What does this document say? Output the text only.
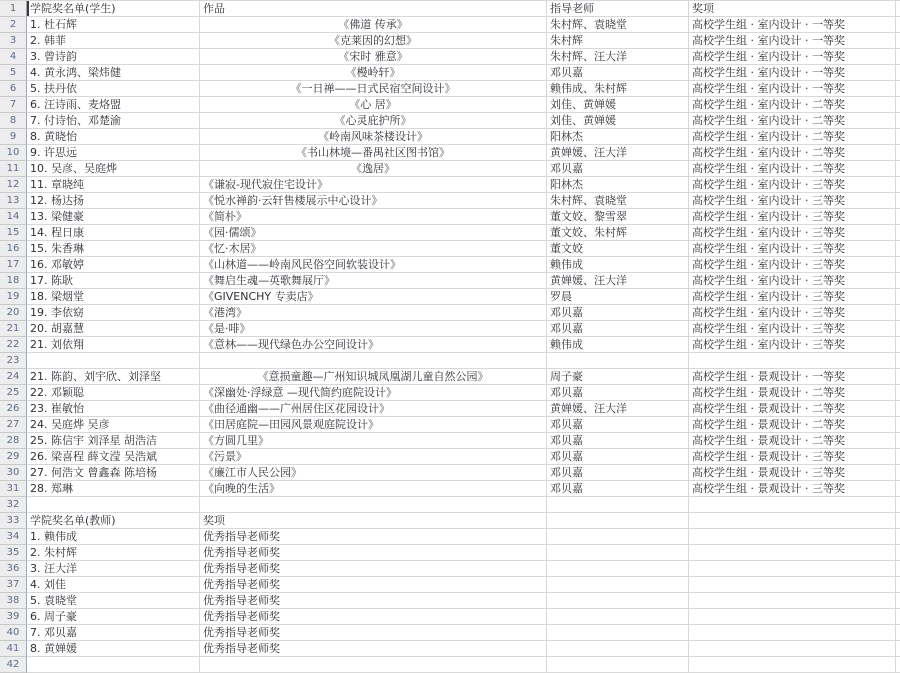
1	学院奖名单(学生)	作品	指导老师	奖项
2	1. 杜石辉	《佛道 传承》	朱村辉、袁晓堂	高校学生组 · 室内设计 · 一等奖
3	2. 韩菲	《克莱因的幻想》	朱村辉	高校学生组 · 室内设计 · 一等奖
4	3. 曾诗韵	《宋时 雅意》	朱村辉、汪大洋	高校学生组 · 室内设计 · 一等奖
5	4. 黄永鸿、梁炜健	《槾岭轩》	邓贝嘉	高校学生组 · 室内设计 · 一等奖
6	5. 扶丹依	《一日禅——日式民宿空间设计》	赖伟成、朱村辉	高校学生组 · 室内设计 · 一等奖
7	6. 汪诗雨、麦烙盟	《心 居》	刘佳、黄婵媛	高校学生组 · 室内设计 · 二等奖
8	7. 付诗怡、邓楚渝	《心灵庇护所》	刘佳、黄婵媛	高校学生组 · 室内设计 · 二等奖
9	8. 黄晓怡	《岭南风味茶楼设计》	阳林杰	高校学生组 · 室内设计 · 二等奖
10 9. 许思远	《书山林境—番禺社区图书馆》	黄婵媛、汪大洋	高校学生组 · 室内设计 · 二等奖
11 10. 吴彦、吴庭烨	《逸居》	邓贝嘉	高校学生组 · 室内设计 · 二等奖
12 11. 章晓纯	《谦寂-现代寂住宅设计》	阳林杰	高校学生组 · 室内设计 · 三等奖
13 12. 杨达扬	《悦水禅韵·云轩售楼展示中心设计》	朱村辉、袁晓堂	高校学生组 · 室内设计 · 三等奖
14 13. 梁健豪	《简朴》	董文姣、黎雪翠	高校学生组 · 室内设计 · 三等奖
15 14. 程日康	《园·儒颂》	董文姣、朱村辉	高校学生组 · 室内设计 · 三等奖
16 15. 朱香琳	《忆·木居》	董文姣	高校学生组 · 室内设计 · 三等奖
17 16. 邓敏婷	《山林道——岭南风民俗空间软装设计》	赖伟成	高校学生组 · 室内设计 · 三等奖
18 17. 陈耿	《舞启生魂—英歌舞展厅》	黄婵媛、汪大洋	高校学生组 · 室内设计 · 三等奖
19 18. 梁烟堂	《GIVENCHY 专卖店》	罗晨	高校学生组 · 室内设计 · 三等奖
20 19. 李依窈	《港湾》	邓贝嘉	高校学生组 · 室内设计 · 三等奖
21 20. 胡嘉慧	《是·啡》	邓贝嘉	高校学生组 · 室内设计 · 三等奖
22 21. 刘依翔	《意林——现代绿色办公空间设计》	赖伟成	高校学生组 · 室内设计 · 三等奖
23
24 21. 陈韵、刘宇欣、刘泽坚	《意损童趣—广州知识城凤凰湖儿童自然公园》	周子豪	高校学生组 · 景观设计 · 一等奖
25 22. 邓颖聪	《深幽处·浮绿意 —现代简约庭院设计》	邓贝嘉	高校学生组 · 景观设计 · 二等奖
26 23. 崔敏怡	《曲径通幽——广州居住区花园设计》	黄婵媛、汪大洋	高校学生组 · 景观设计 · 二等奖
27 24. 吴庭烨 吴彦	《田居庭院—田园风景观庭院设计》	邓贝嘉	高校学生组 · 景观设计 · 二等奖
28 25. 陈信宇 刘泽星 胡浩洁	《方圆几里》	邓贝嘉	高校学生组 · 景观设计 · 二等奖
29 26. 梁喜程 薛文滢 吴浩斌	《污景》	邓贝嘉	高校学生组 · 景观设计 · 三等奖
30 27. 何浩文 曾鑫森 陈培杨	《廉江市人民公园》	邓贝嘉	高校学生组 · 景观设计 · 三等奖
31 28. 郑琳	《向晚的生活》	邓贝嘉	高校学生组 · 景观设计 · 三等奖
32
33 学院奖名单(教师)	奖项
34 1. 赖伟成	优秀指导老师奖
35 2. 朱村辉	优秀指导老师奖
36 3. 汪大洋	优秀指导老师奖
37 4. 刘佳	优秀指导老师奖
38 5. 袁晓堂	优秀指导老师奖
39 6. 周子豪	优秀指导老师奖
40 7. 邓贝嘉	优秀指导老师奖
41 8. 黄婵媛	优秀指导老师奖
42
